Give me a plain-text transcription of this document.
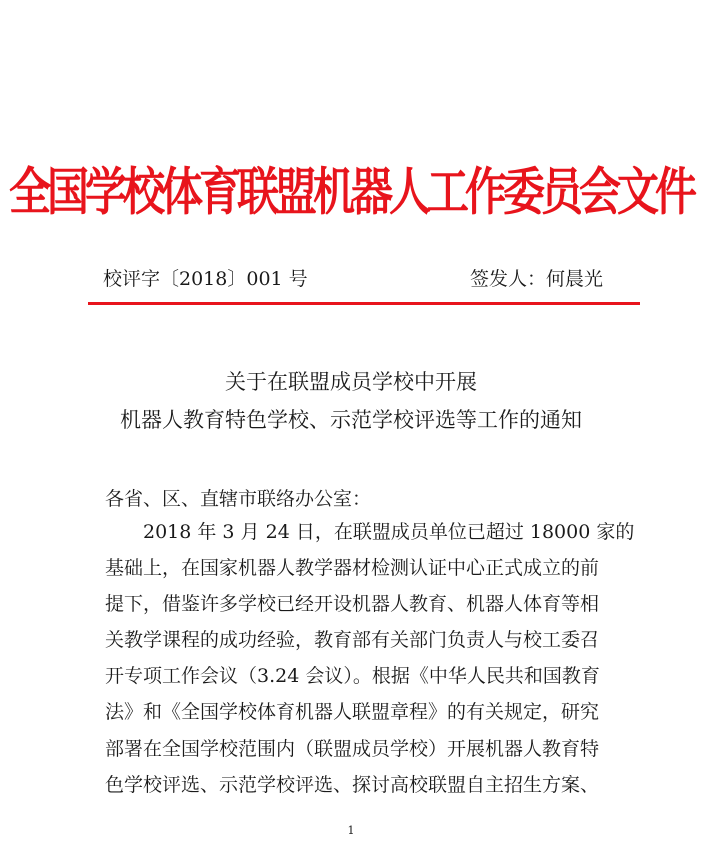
全国学校体育联盟机器人工作委员会文件
校评字〔2018〕001 号	签发人：何晨光
关于在联盟成员学校中开展
机器人教育特色学校、示范学校评选等工作的通知
各省、区、直辖市联络办公室：
2018 年 3 月 24 日，在联盟成员单位已超过 18000 家的
基础上，在国家机器人教学器材检测认证中心正式成立的前
提下，借鉴许多学校已经开设机器人教育、机器人体育等相
关教学课程的成功经验，教育部有关部门负责人与校工委召
开专项工作会议（3.24 会议）。根据《中华人民共和国教育
法》和《全国学校体育机器人联盟章程》的有关规定，研究
部署在全国学校范围内（联盟成员学校）开展机器人教育特
色学校评选、示范学校评选、探讨高校联盟自主招生方案、
1
